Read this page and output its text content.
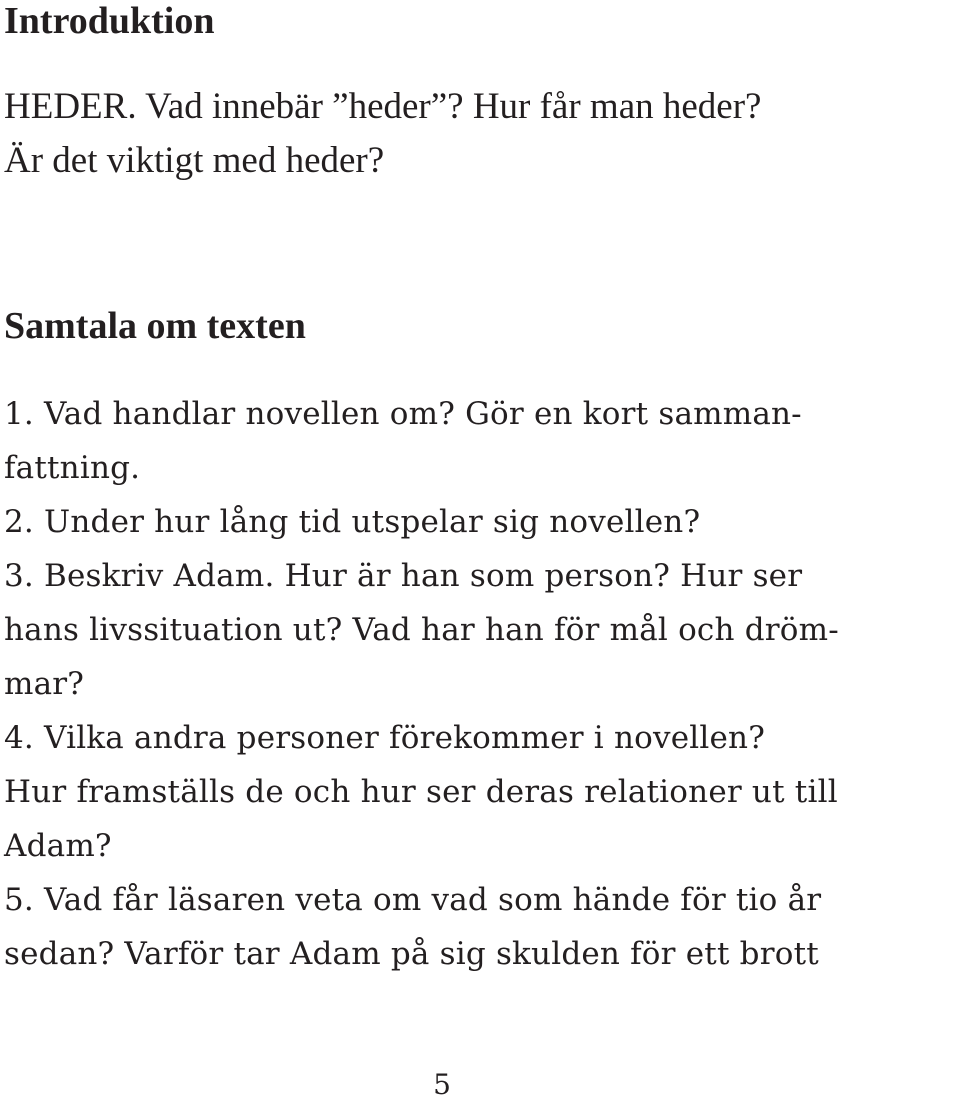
Introduktion

HEDER. Vad innebär ”heder”? Hur får man heder?

Är det viktigt med heder?

Samtala om texten

1. Vad handlar novellen om? Gör en kort samman-

fattning.

2. Under hur lång tid utspelar sig novellen?

3. Beskriv Adam. Hur är han som person? Hur ser

hans livssituation ut? Vad har han för mål och dröm-

mar?

4. Vilka andra personer förekommer i novellen?

Hur framställs de och hur ser deras relationer ut till

Adam?

5. Vad får läsaren veta om vad som hände för tio år

sedan? Varför tar Adam på sig skulden för ett brott

5
